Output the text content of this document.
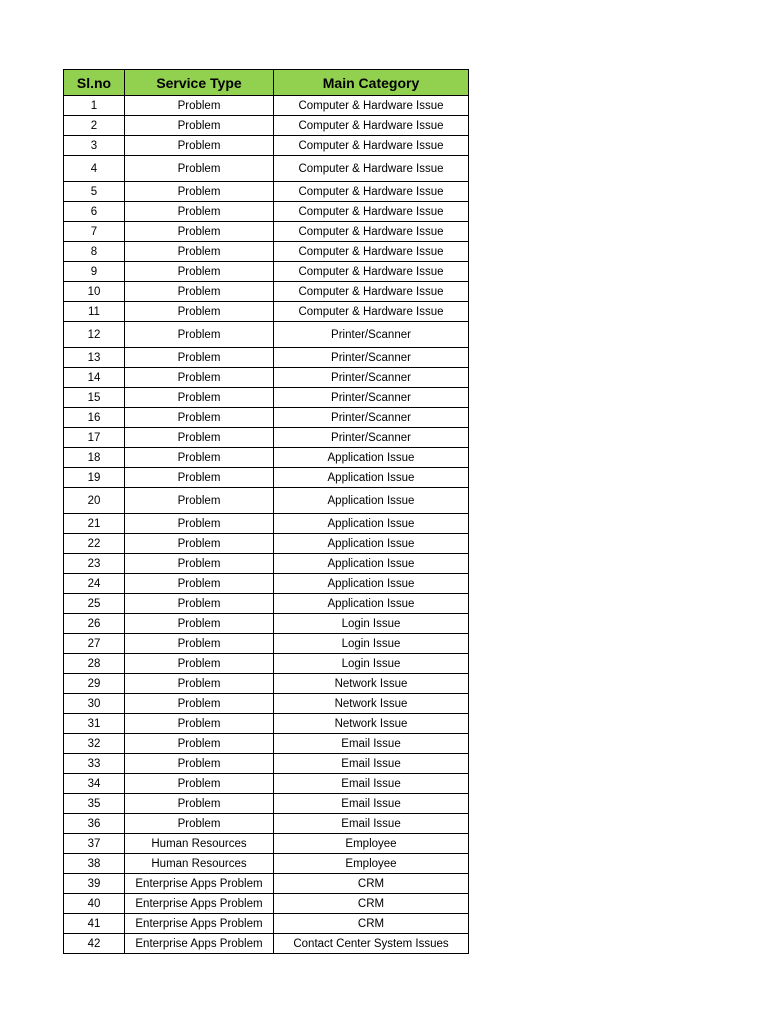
Sl.no	Service Type	Main Category
1	Problem	Computer & Hardware Issue
2	Problem	Computer & Hardware Issue
3	Problem	Computer & Hardware Issue
4	Problem	Computer & Hardware Issue
5	Problem	Computer & Hardware Issue
6	Problem	Computer & Hardware Issue
7	Problem	Computer & Hardware Issue
8	Problem	Computer & Hardware Issue
9	Problem	Computer & Hardware Issue
10	Problem	Computer & Hardware Issue
11	Problem	Computer & Hardware Issue
12	Problem	Printer/Scanner
13	Problem	Printer/Scanner
14	Problem	Printer/Scanner
15	Problem	Printer/Scanner
16	Problem	Printer/Scanner
17	Problem	Printer/Scanner
18	Problem	Application Issue
19	Problem	Application Issue
20	Problem	Application Issue
21	Problem	Application Issue
22	Problem	Application Issue
23	Problem	Application Issue
24	Problem	Application Issue
25	Problem	Application Issue
26	Problem	Login Issue
27	Problem	Login Issue
28	Problem	Login Issue
29	Problem	Network Issue
30	Problem	Network Issue
31	Problem	Network Issue
32	Problem	Email Issue
33	Problem	Email Issue
34	Problem	Email Issue
35	Problem	Email Issue
36	Problem	Email Issue
37	Human Resources	Employee
38	Human Resources	Employee
39	Enterprise Apps Problem	CRM
40	Enterprise Apps Problem	CRM
41	Enterprise Apps Problem	CRM
42	Enterprise Apps Problem	Contact Center System Issues
